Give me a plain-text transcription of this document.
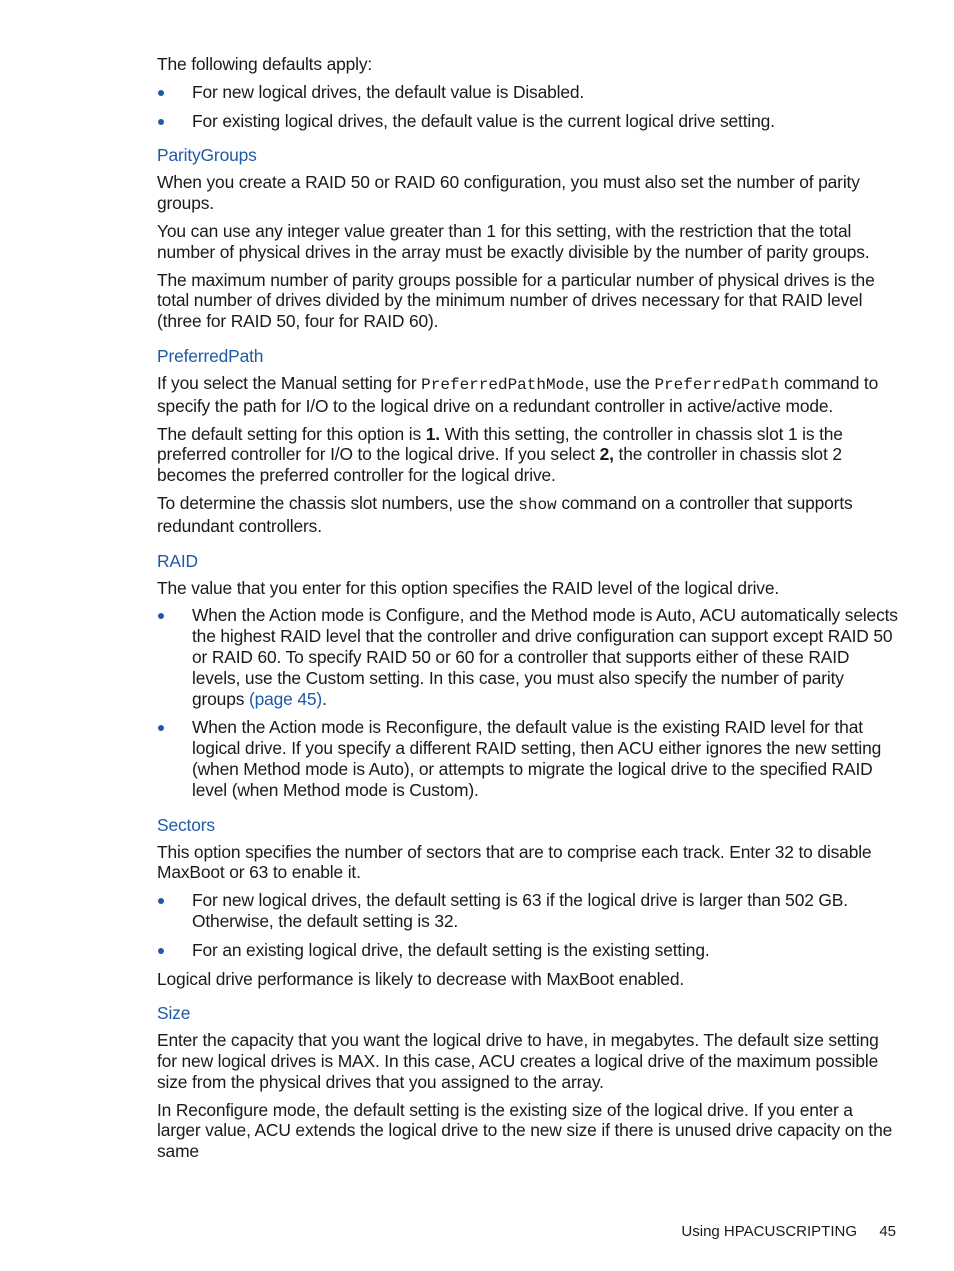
The following defaults apply:

For new logical drives, the default value is Disabled.
For existing logical drives, the default value is the current logical drive setting.
ParityGroups

When you create a RAID 50 or RAID 60 configuration, you must also set the number of parity groups.

You can use any integer value greater than 1 for this setting, with the restriction that the total number of physical drives in the array must be exactly divisible by the number of parity groups.

The maximum number of parity groups possible for a particular number of physical drives is the total number of drives divided by the minimum number of drives necessary for that RAID level (three for RAID 50, four for RAID 60).

PreferredPath

If you select the Manual setting for PreferredPathMode, use the PreferredPath command to specify the path for I/O to the logical drive on a redundant controller in active/active mode.

The default setting for this option is 1. With this setting, the controller in chassis slot 1 is the preferred controller for I/O to the logical drive. If you select 2, the controller in chassis slot 2 becomes the preferred controller for the logical drive.

To determine the chassis slot numbers, use the show command on a controller that supports redundant controllers.

RAID

The value that you enter for this option specifies the RAID level of the logical drive.

When the Action mode is Configure, and the Method mode is Auto, ACU automatically selects the highest RAID level that the controller and drive configuration can support except RAID 50 or RAID 60. To specify RAID 50 or 60 for a controller that supports either of these RAID levels, use the Custom setting. In this case, you must also specify the number of parity groups (page 45).
When the Action mode is Reconfigure, the default value is the existing RAID level for that logical drive. If you specify a different RAID setting, then ACU either ignores the new setting (when Method mode is Auto), or attempts to migrate the logical drive to the specified RAID level (when Method mode is Custom).
Sectors

This option specifies the number of sectors that are to comprise each track. Enter 32 to disable MaxBoot or 63 to enable it.

For new logical drives, the default setting is 63 if the logical drive is larger than 502 GB. Otherwise, the default setting is 32.
For an existing logical drive, the default setting is the existing setting.

Logical drive performance is likely to decrease with MaxBoot enabled.

Size

Enter the capacity that you want the logical drive to have, in megabytes. The default size setting for new logical drives is MAX. In this case, ACU creates a logical drive of the maximum possible size from the physical drives that you assigned to the array.

In Reconfigure mode, the default setting is the existing size of the logical drive. If you enter a larger value, ACU extends the logical drive to the new size if there is unused drive capacity on the same

Using HPACUSCRIPTING 45
